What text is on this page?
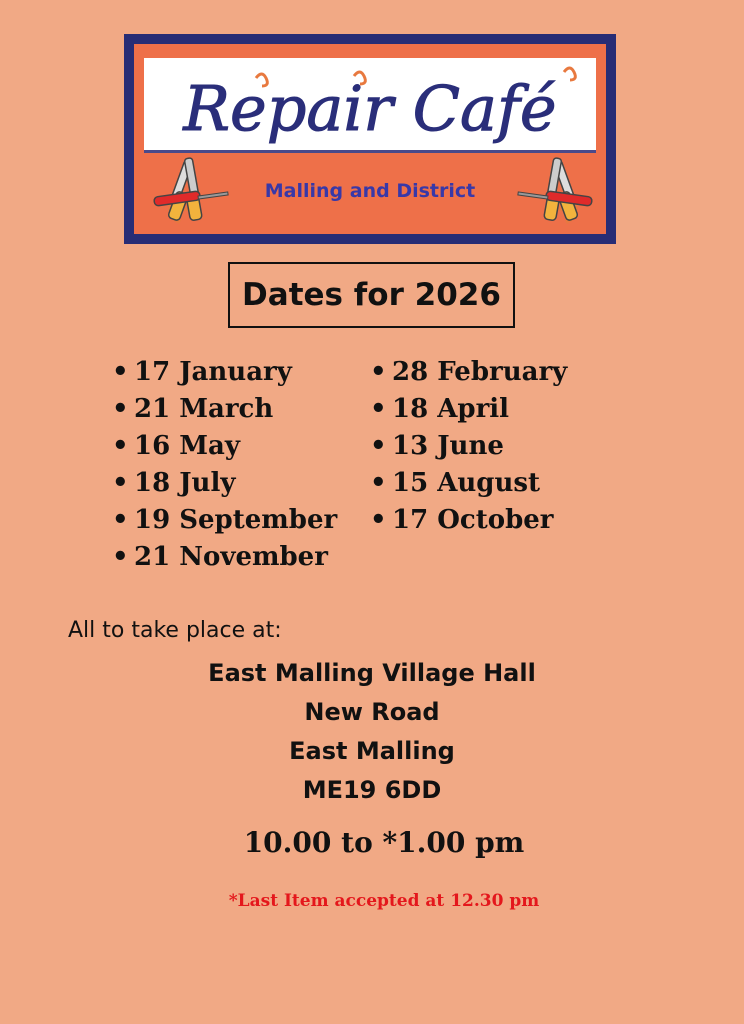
Repair Café
Malling and District
Dates for 2026
• 17 January
• 21 March
• 16 May
• 18 July
• 19 September
• 21 November
• 28 February
• 18 April
• 13 June
• 15 August
• 17 October
All to take place at:
East Malling Village Hall
New Road
East Malling
ME19 6DD
10.00 to *1.00 pm
*Last Item accepted at 12.30 pm
